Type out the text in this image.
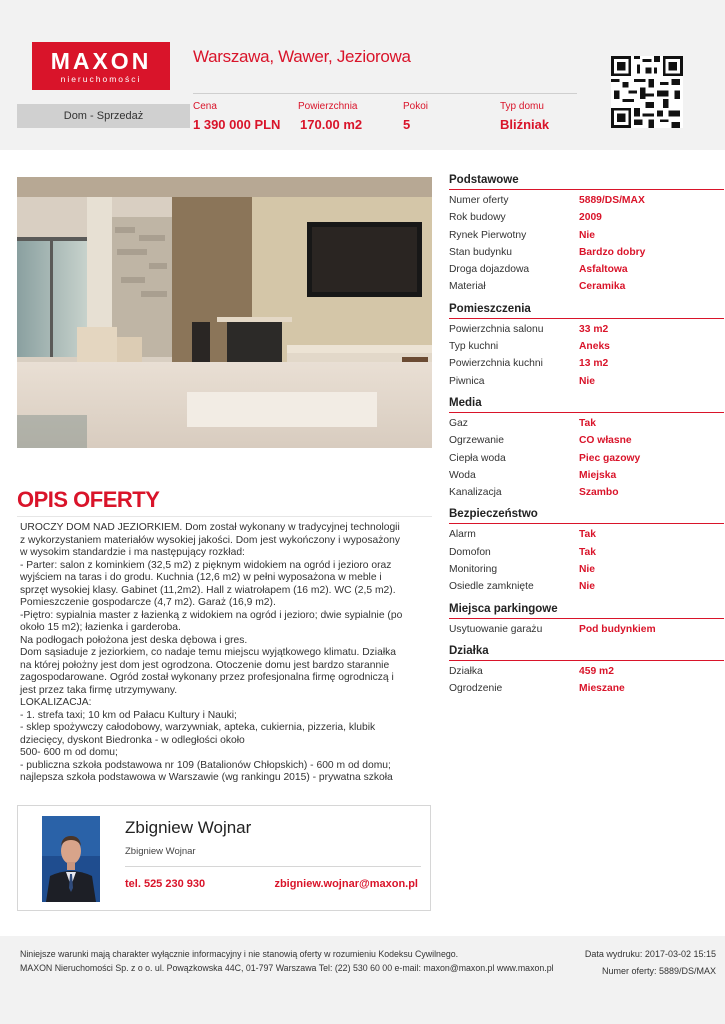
MAXON
nieruchomości
Warszawa, Wawer, Jeziorowa
Dom - Sprzedaż
Cena
1 390 000 PLN
Powierzchnia
170.00 m2
Pokoi
5
Typ domu
Bliźniak
OPIS OFERTY
UROCZY DOM NAD JEZIORKIEM. Dom został wykonany w tradycyjnej technologii
z wykorzystaniem materiałów wysokiej jakości. Dom jest wykończony i wyposażony
w wysokim standardzie i ma następujący rozkład:
- Parter: salon z kominkiem (32,5 m2) z pięknym widokiem na ogród i jezioro oraz
wyjściem na taras i do grodu. Kuchnia (12,6 m2) w pełni wyposażona w meble i
sprzęt wysokiej klasy. Gabinet (11,2m2). Hall z wiatrołapem (16 m2). WC (2,5 m2).
Pomieszczenie gospodarcze (4,7 m2). Garaż (16,9 m2).
-Piętro: sypialnia master z łazienką z widokiem na ogród i jezioro; dwie sypialnie (po
około 15 m2); łazienka i garderoba.
Na podłogach położona jest deska dębowa i gres.
Dom sąsiaduje z jeziorkiem, co nadaje temu miejscu wyjątkowego klimatu. Działka
na której położny jest dom jest ogrodzona. Otoczenie domu jest bardzo starannie
zagospodarowane. Ogród został wykonany przez profesjonalna firmę ogrodniczą i
jest przez taka firmę utrzymywany.
LOKALIZACJA:
- 1. strefa taxi; 10 km od Pałacu Kultury i Nauki;
- sklep spożywczy całodobowy, warzywniak, apteka, cukiernia, pizzeria, klubik
dziecięcy, dyskont Biedronka - w odległości około
500- 600 m od domu;
- publiczna szkoła podstawowa nr 109 (Batalionów Chłopskich) - 600 m od domu;
najlepsza szkoła podstawowa w Warszawie (wg rankingu 2015) - prywatna szkoła
Podstawowe
Numer oferty	5889/DS/MAX
Rok budowy	2009
Rynek Pierwotny	Nie
Stan budynku	Bardzo dobry
Droga dojazdowa	Asfaltowa
Materiał	Ceramika
Pomieszczenia
Powierzchnia salonu	33 m2
Typ kuchni	Aneks
Powierzchnia kuchni	13 m2
Piwnica	Nie
Media
Gaz	Tak
Ogrzewanie	CO własne
Ciepła woda	Piec gazowy
Woda	Miejska
Kanalizacja	Szambo
Bezpieczeństwo
Alarm	Tak
Domofon	Tak
Monitoring	Nie
Osiedle zamknięte	Nie
Miejsca parkingowe
Usytuowanie garażu	Pod budynkiem
Działka
Działka	459 m2
Ogrodzenie	Mieszane
Zbigniew Wojnar
Zbigniew Wojnar
tel. 525 230 930	zbigniew.wojnar@maxon.pl
Niniejsze warunki mają charakter wyłącznie informacyjny i nie stanowią oferty w rozumieniu Kodeksu Cywilnego.
MAXON Nieruchomości Sp. z o o. ul. Powązkowska 44C, 01-797 Warszawa Tel: (22) 530 60 00 e-mail: maxon@maxon.pl www.maxon.pl
Data wydruku: 2017-03-02 15:15
Numer oferty: 5889/DS/MAX
